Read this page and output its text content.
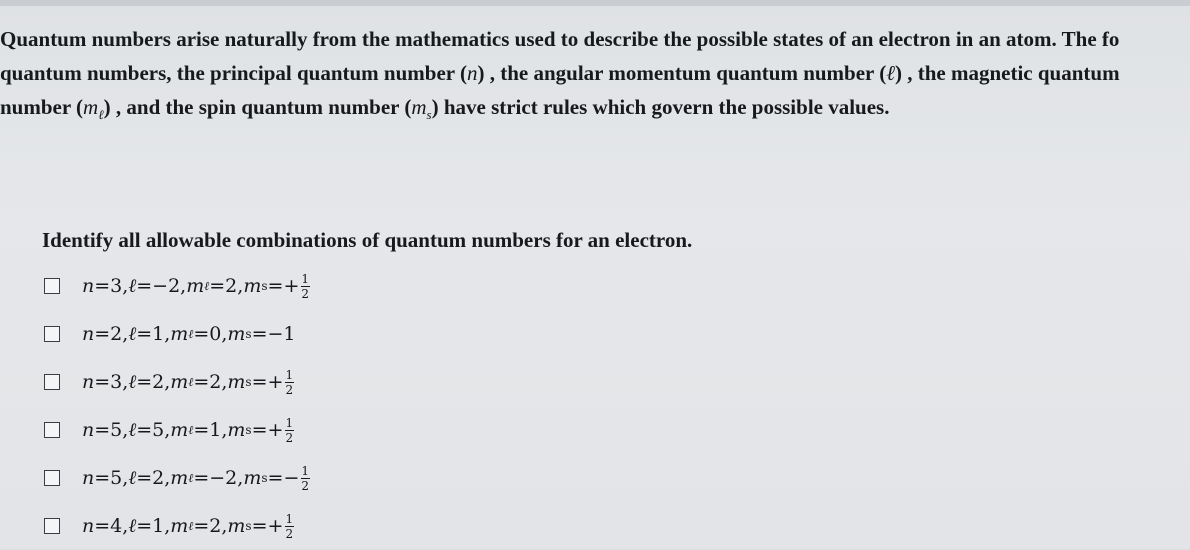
Quantum numbers arise naturally from the mathematics used to describe the possible states of an electron in an atom. The fo
quantum numbers, the principal quantum number (n) , the angular momentum quantum number (ℓ) , the magnetic quantum
number $(m_\ell)$ , and the spin quantum number $(m_s)$ have strict rules which govern the possible values.
Identify all allowable combinations of quantum numbers for an electron.
n = 3 , ℓ = −2 , m ℓ = 2 , m s = + $\frac{1}{2}$
n = 2 , ℓ = 1 , m ℓ = 0 , m s = −1
n = 3 , ℓ = 2 , m ℓ = 2 , m s = + $\frac{1}{2}$
n = 5 , ℓ = 5 , m ℓ = 1 , m s = + $\frac{1}{2}$
n = 5 , ℓ = 2 , m ℓ = −2 , m s = − $\frac{1}{2}$
n = 4 , ℓ = 1 , m ℓ = 2 , m s = + $\frac{1}{2}$
